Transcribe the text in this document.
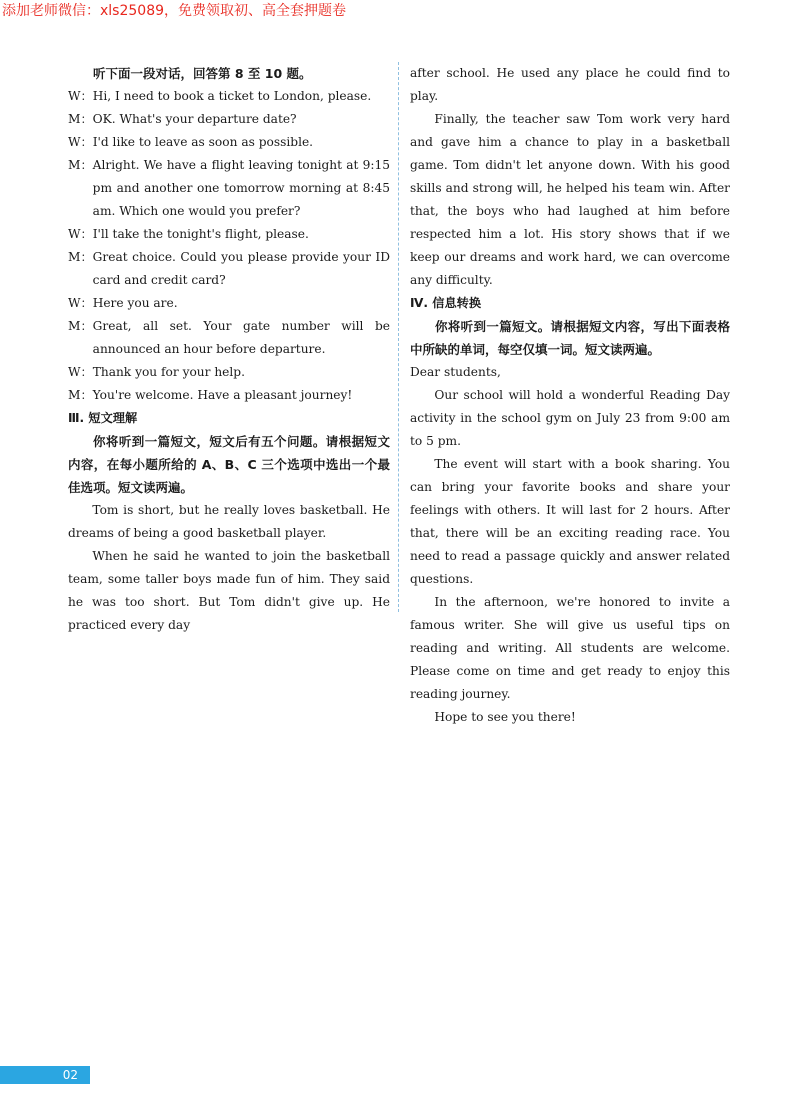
添加老师微信：xls25089，免费领取初、高全套押题卷

听下面一段对话，回答第 8 至 10 题。

W： Hi, I need to book a ticket to London, please.
M： OK. What's your departure date?
W： I'd like to leave as soon as possible.
M： Alright. We have a flight leaving tonight at 9:15 pm and another one tomorrow morning at 8:45 am. Which one would you prefer?
W： I'll take the tonight's flight, please.
M： Great choice. Could you please provide your ID card and credit card?
W： Here you are.
M： Great, all set. Your gate number will be announced an hour before departure.
W： Thank you for your help.
M： You're welcome. Have a pleasant journey!

Ⅲ. 短文理解

你将听到一篇短文，短文后有五个问题。请根据短文内容，在每小题所给的 A、B、C 三个选项中选出一个最佳选项。短文读两遍。

Tom is short, but he really loves basketball. He dreams of being a good basketball player.

When he said he wanted to join the basketball team, some taller boys made fun of him. They said he was too short. But Tom didn't give up. He practiced every day

after school. He used any place he could find to play.

Finally, the teacher saw Tom work very hard and gave him a chance to play in a basketball game. Tom didn't let anyone down. With his good skills and strong will, he helped his team win. After that, the boys who had laughed at him before respected him a lot. His story shows that if we keep our dreams and work hard, we can overcome any difficulty.

Ⅳ. 信息转换

你将听到一篇短文。请根据短文内容，写出下面表格中所缺的单词，每空仅填一词。短文读两遍。

Dear students,

Our school will hold a wonderful Reading Day activity in the school gym on July 23 from 9:00 am to 5 pm.

The event will start with a book sharing. You can bring your favorite books and share your feelings with others. It will last for 2 hours. After that, there will be an exciting reading race. You need to read a passage quickly and answer related questions.

In the afternoon, we're honored to invite a famous writer. She will give us useful tips on reading and writing. All students are welcome. Please come on time and get ready to enjoy this reading journey.

Hope to see you there!

02
